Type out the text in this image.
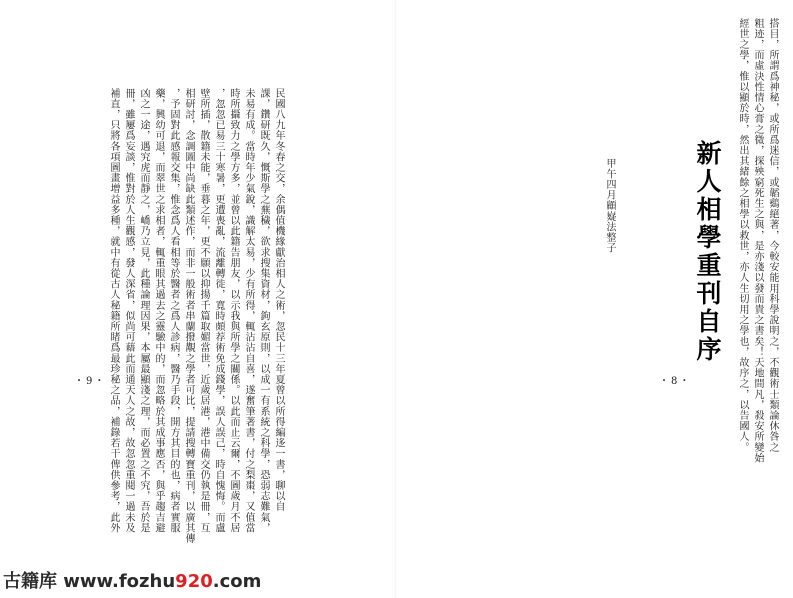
民國八九年冬春之交，余偶值機緣獻治相人之術，忽民十三年夏曾以所得編迻一書，聊以自

課，鑽研既久，慨斯學之蕪穢，欲求搜集資材，鉤玄原則，以成一有系統之科學，恐弱志難氣，

未易有成。當時年少氣銳，識解太易，少有所得，輒沾沾自喜，遂奮筆著書，付之梨棗，又值當

時所攝致力之學方多，並曾以此籍告朋友，以示我與所學之關係。以此而止云爾，不圖歲月不居

，忽忽已易三十寒暑，更遭喪亂，流離轉徙，寬時頗荐術免成錢學，誤人誤己，時自愧悔。而盧

壁所插，散籍未能，垂暮之年，更不願以抑揚千篇取媚當世，近歲居港，港中備交仍執是冊，互

相研討，念調圖中尚缺此類述作，而非一般術者串蘭撥覯之學者可比，提請搜轉寶重刊，以廣其傳

，予固對此感報交集，惟念爲人看相等於醫者之爲人診病，醫乃手段，開方其目的也，病者實服

藥，興幼可退，而翠世之求相者，輒重眼其過去之靈驗中的，而忽略於其成事應否，與乎趨吉避

凶之一途，遇究虎而靜之，嶠乃立見，此種論理因果，本屬最顯淺之理，而必置之不究，吾於是

冊，雖屢爲妄談，惟對於人生觀感，發人深省，似尚可藉此而通天人之故，故忽忽重閱一過未及

補直，只將各項圖畫增益多種，就中有從古人秘籍所睹爲最珍秘之品，補錄若干俾供參考，此外

・9・	搭目，所謂爲神秘，或所爲迷信，或韜鷄絕著，今較安能用科學說明之，不觀術士類論休咎之

粗迹，而虛決性情心膏之微，探殃窮死生之與，是亦淺以發而貴之書矣！天地間凡，殺安所變始

經世之學，惟以顯於時，然出其緒餘之相學以救世，亦人生切用之學也，故序之，以告國人。

新人相學重刊自序
甲午四月顧嶷法整子
・8・
古籍库 www.fozhu920.com
